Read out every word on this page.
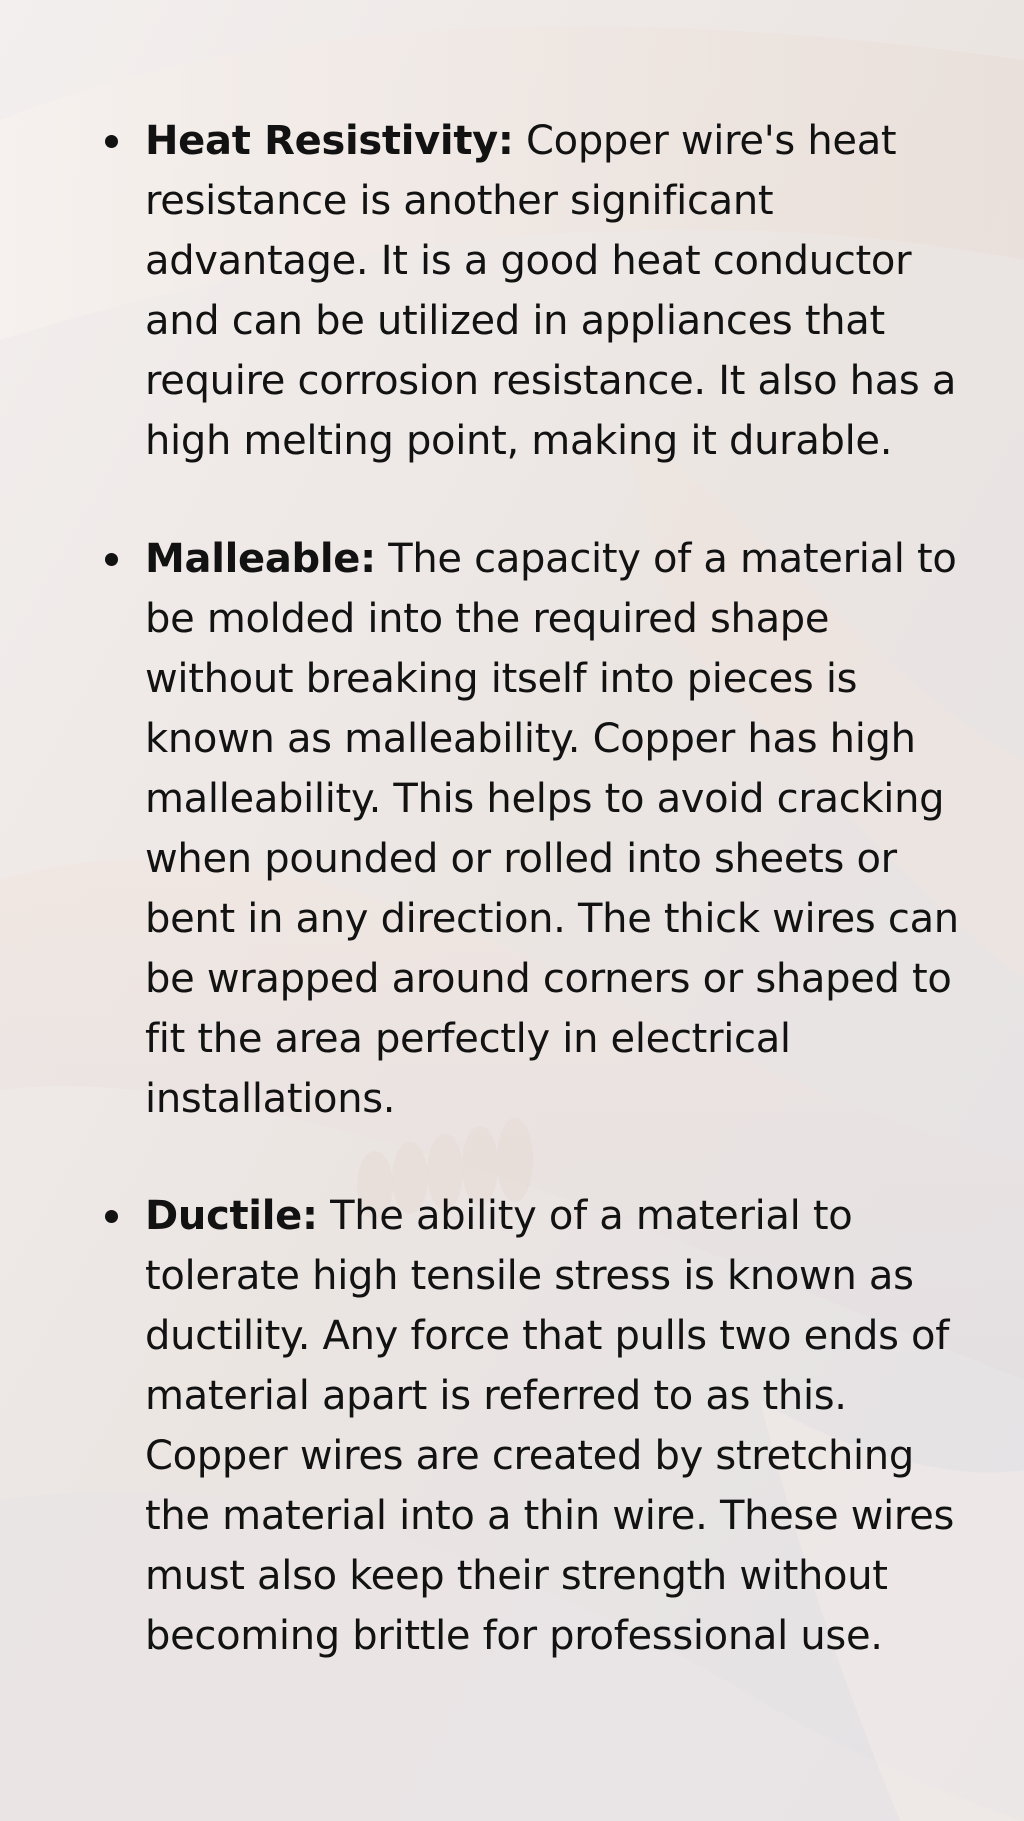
Heat Resistivity: Copper wire's heat resistance is another significant advantage. It is a good heat conductor and can be utilized in appliances that require corrosion resistance. It also has a high melting point, making it durable.
Malleable: The capacity of a material to be molded into the required shape without breaking itself into pieces is known as malleability. Copper has high malleability. This helps to avoid cracking when pounded or rolled into sheets or bent in any direction. The thick wires can be wrapped around corners or shaped to fit the area perfectly in electrical installations.
Ductile: The ability of a material to tolerate high tensile stress is known as ductility. Any force that pulls two ends of material apart is referred to as this. Copper wires are created by stretching the material into a thin wire. These wires must also keep their strength without becoming brittle for professional use.
